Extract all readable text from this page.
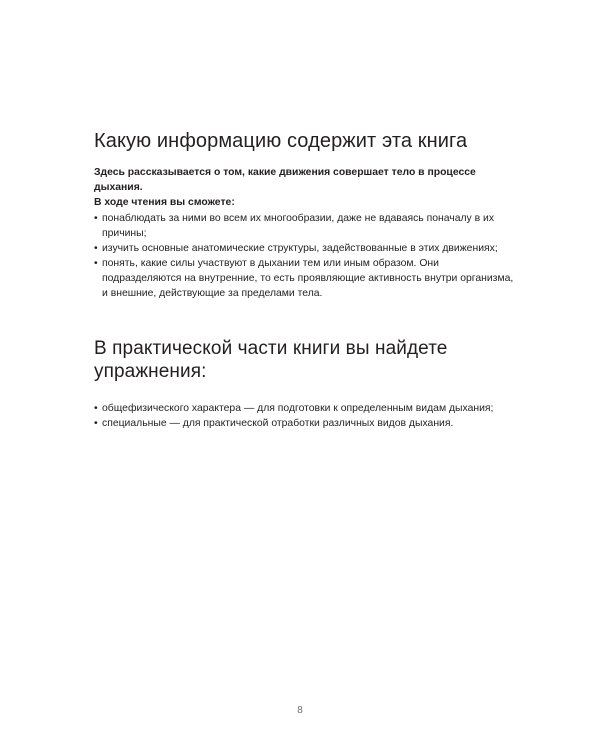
Какую информацию содержит эта книга

Здесь рассказывается о том, какие движения совершает тело в процессе дыхания.
В ходе чтения вы сможете:

• понаблюдать за ними во всем их многообразии, даже не вдаваясь поначалу в их причины;
• изучить основные анатомические структуры, задействованные в этих движениях;
• понять, какие силы участвуют в дыхании тем или иным образом. Они подразделяются на внутренние, то есть проявляющие активность внутри организма, и внешние, действующие за пределами тела.
В практической части книги вы найдете упражнения:
• общефизического характера — для подготовки к определенным видам дыхания;
• специальные — для практической отработки различных видов дыхания.
8
